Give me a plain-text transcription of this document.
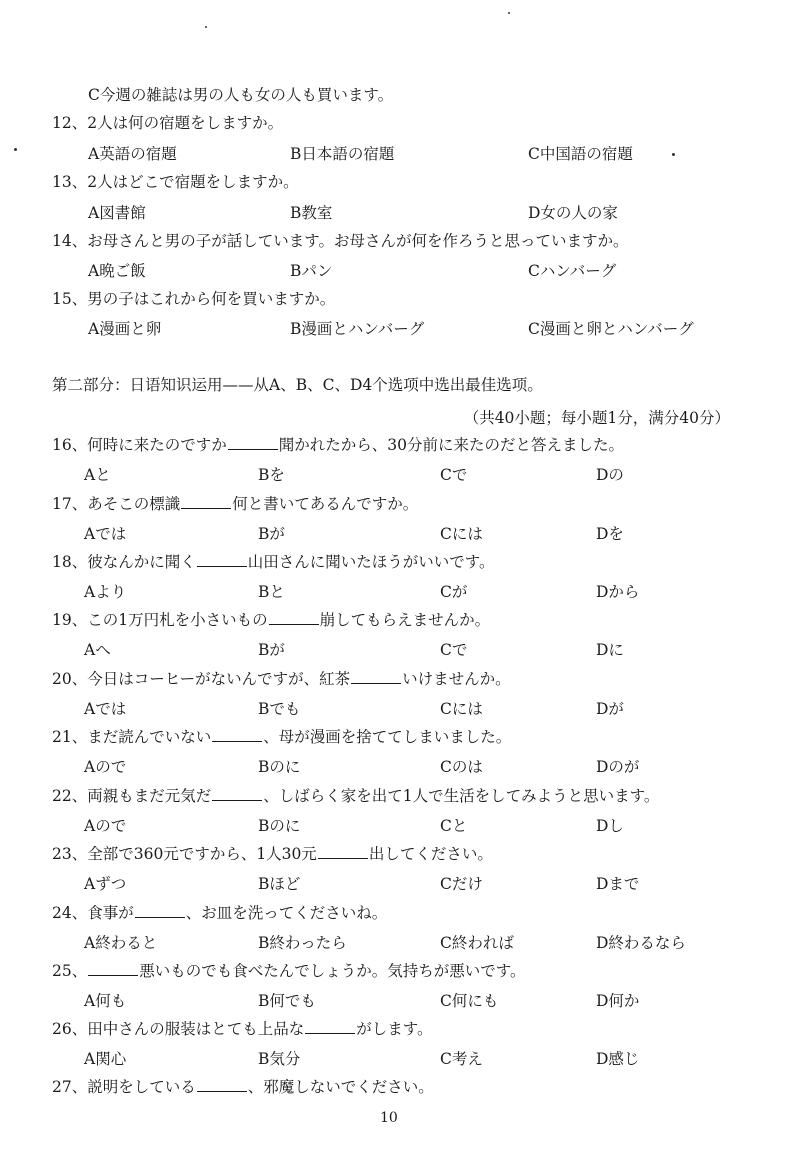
C今週の雑誌は男の人も女の人も買います。
12、2人は何の宿題をしますか。
A英語の宿題	B日本語の宿題	C中国語の宿題
13、2人はどこで宿題をしますか。
A図書館	B教室	D女の人の家
14、お母さんと男の子が話しています。お母さんが何を作ろうと思っていますか。
A晩ご飯	Bパン	Cハンバーグ
15、男の子はこれから何を買いますか。
A漫画と卵	B漫画とハンバーグ	C漫画と卵とハンバーグ
第二部分：日语知识运用——从A、B、C、D4个选项中选出最佳选项。
（共40小题；每小题1分，满分40分）
16、何時に来たのですか	聞かれたから、30分前に来たのだと答えました。
Aと	Bを	Cで	Dの
17、あそこの標識	何と書いてあるんですか。
Aでは	Bが	Cには	Dを
18、彼なんかに聞く	山田さんに聞いたほうがいいです。
Aより	Bと	Cが	Dから
19、この1万円札を小さいもの	崩してもらえませんか。
Aへ	Bが	Cで	Dに
20、今日はコーヒーがないんですが、紅茶	いけませんか。
Aでは	Bでも	Cには	Dが
21、まだ読んでいない	、母が漫画を捨ててしまいました。
Aので	Bのに	Cのは	Dのが
22、両親もまだ元気だ	、しばらく家を出て1人で生活をしてみようと思います。
Aので	Bのに	Cと	Dし
23、全部で360元ですから、1人30元	出してください。
Aずつ	Bほど	Cだけ	Dまで
24、食事が	、お皿を洗ってくださいね。
A終わると	B終わったら	C終われば	D終わるなら
25、	悪いものでも食べたんでしょうか。気持ちが悪いです。
A何も	B何でも	C何にも	D何か
26、田中さんの服装はとても上品な	がします。
A関心	B気分	C考え	D感じ
27、説明をしている	、邪魔しないでください。
10
